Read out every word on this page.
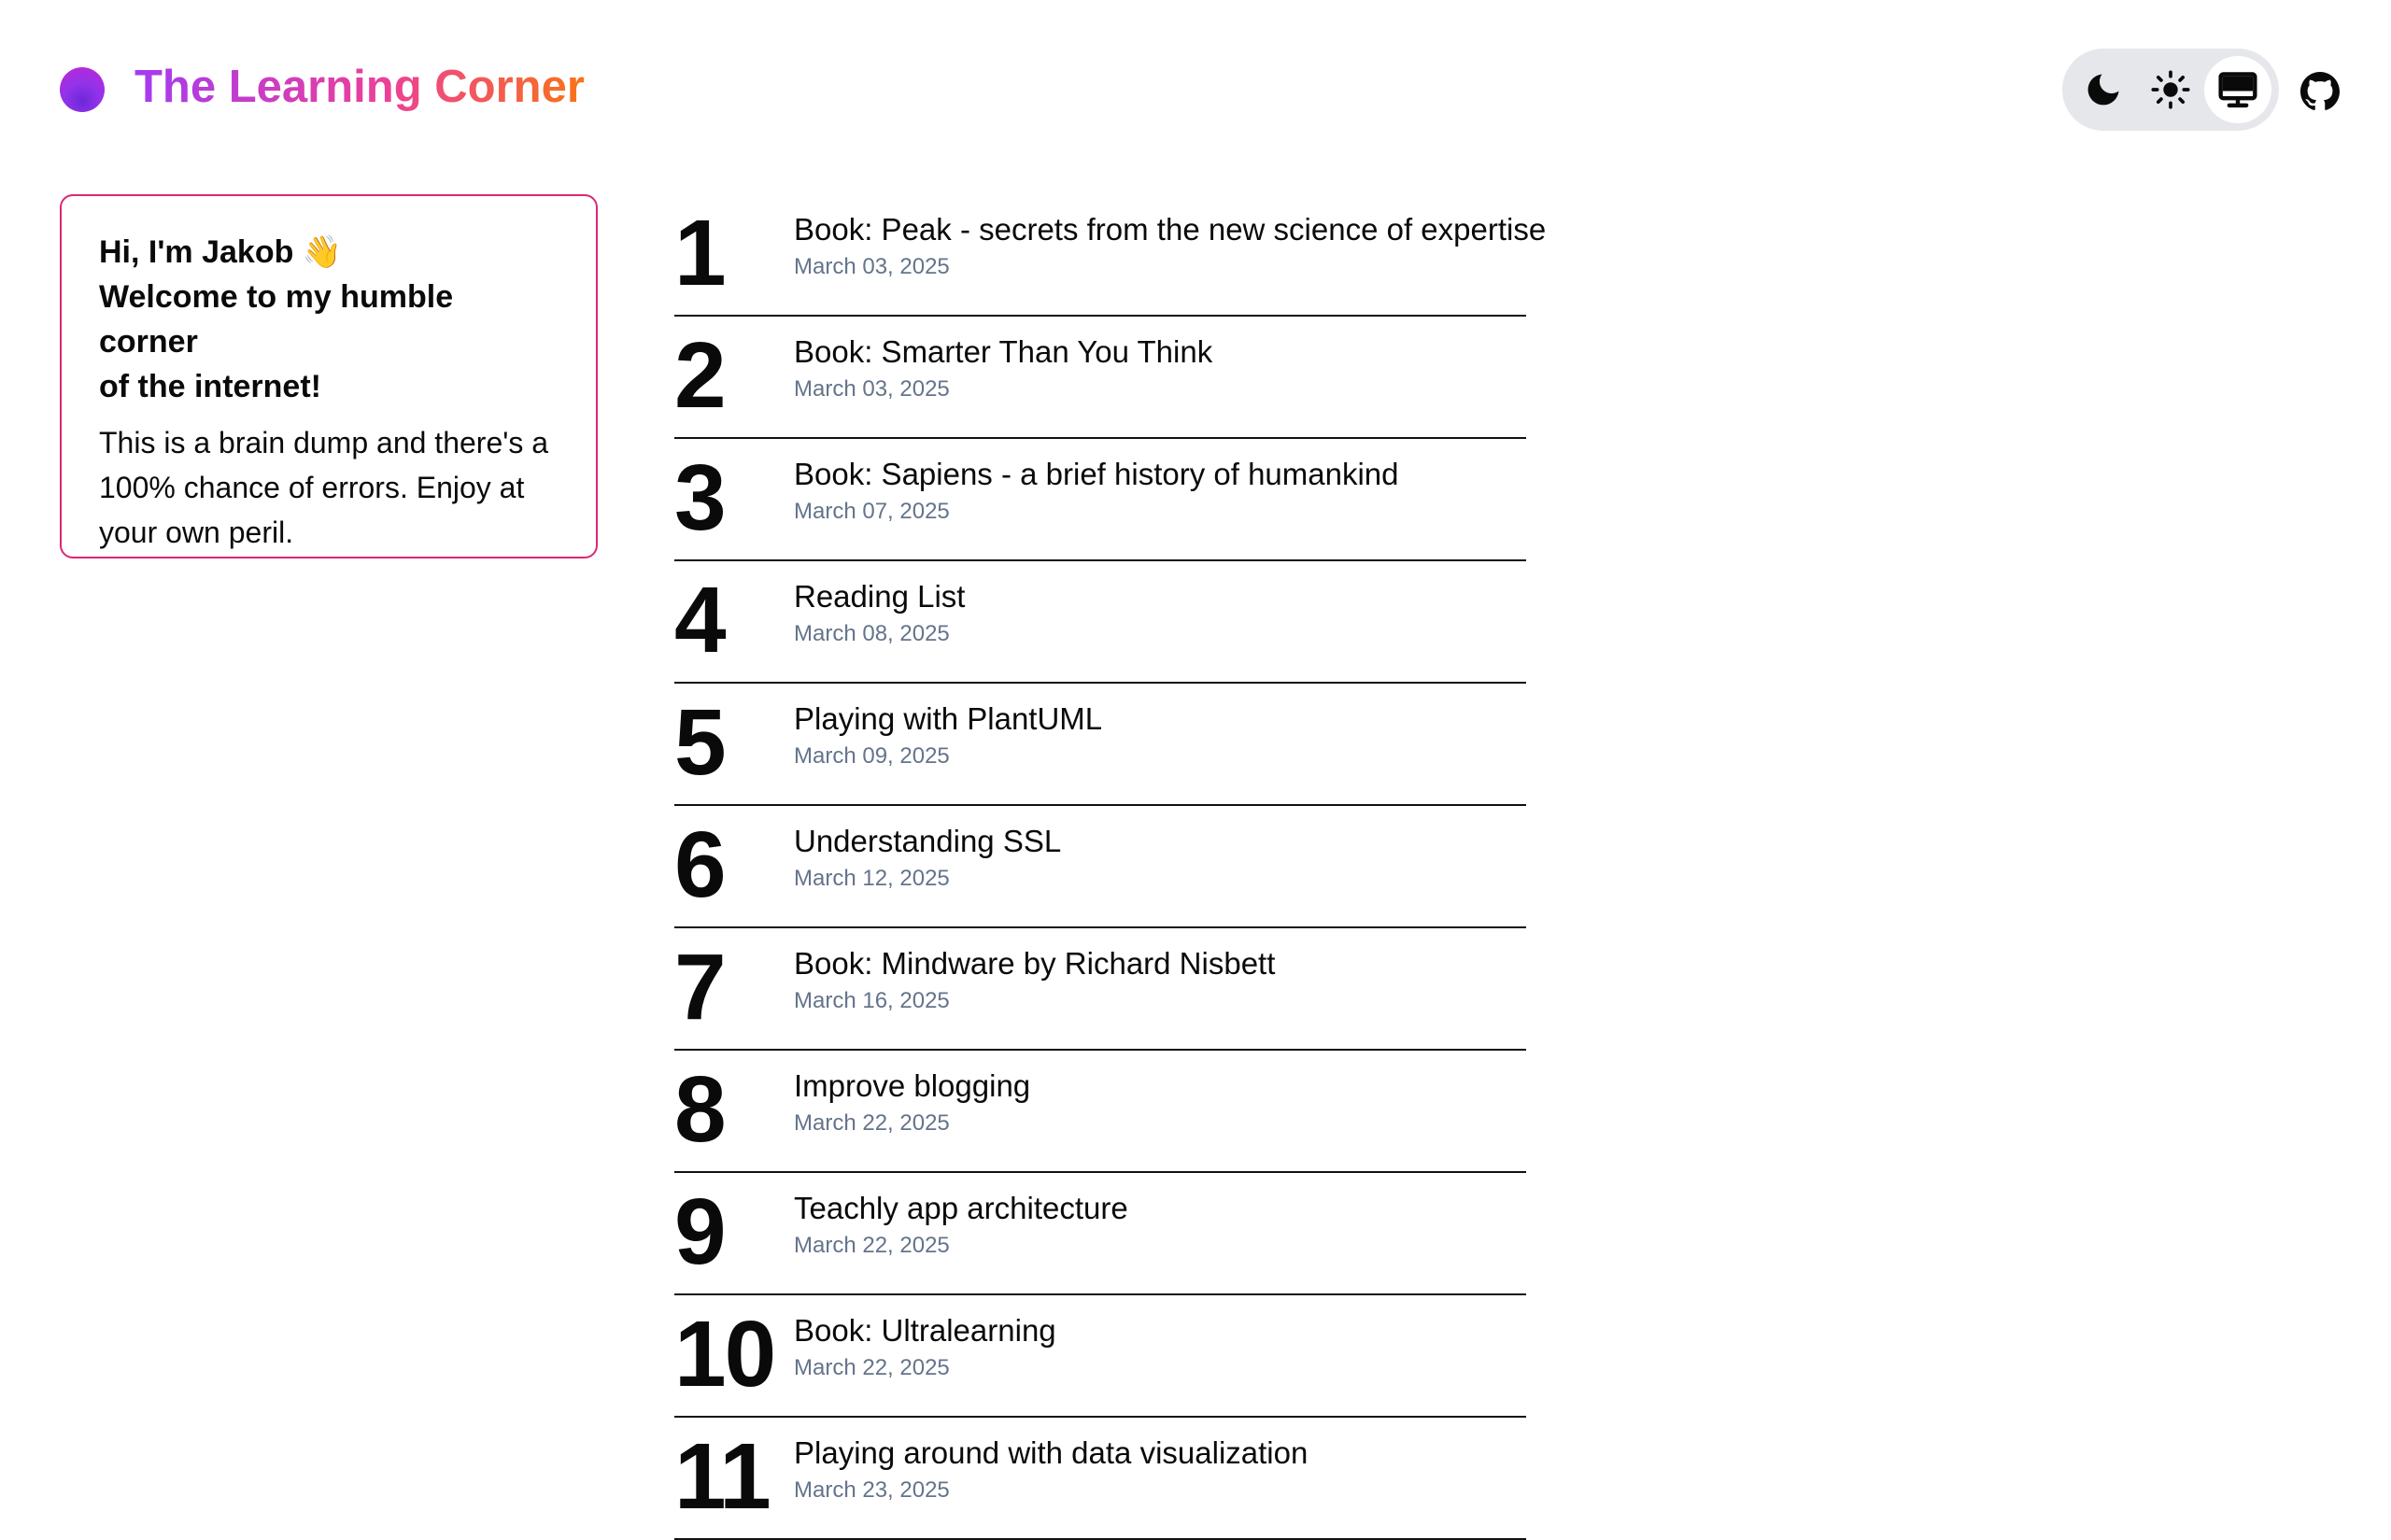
The Learning Corner

Hi, I'm Jakob 👋
Welcome to my humble corner
of the internet!

This is a brain dump and there's a 100% chance of errors. Enjoy at your own peril.

1 Book: Peak - secrets from the new science of expertise
March 03, 2025
2 Book: Smarter Than You Think
March 03, 2025
3 Book: Sapiens - a brief history of humankind
March 07, 2025
4 Reading List
March 08, 2025
5 Playing with PlantUML
March 09, 2025
6 Understanding SSL
March 12, 2025
7 Book: Mindware by Richard Nisbett
March 16, 2025
8 Improve blogging
March 22, 2025
9 Teachly app architecture
March 22, 2025
10 Book: Ultralearning
March 22, 2025
11 Playing around with data visualization
March 23, 2025
